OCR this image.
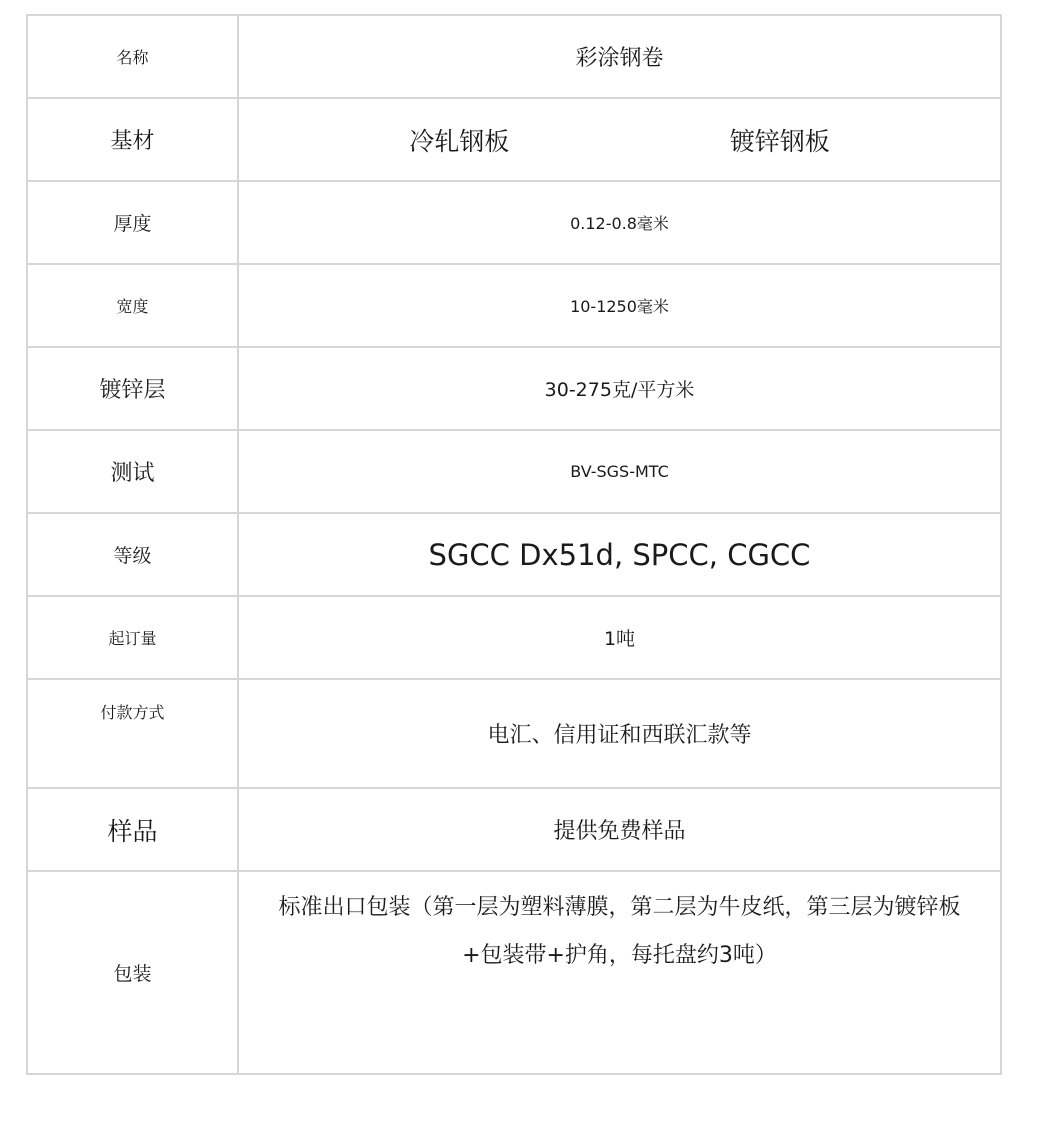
名称	彩涂钢卷
基材	冷轧钢板 镀锌钢板

厚度	0.12-0.8毫米
宽度	10-1250毫米
镀锌层	30-275克/平方米
测试	BV-SGS-MTC
等级	SGCC Dx51d, SPCC, CGCC
起订量	1吨
付款方式	电汇、信用证和西联汇款等
样品	提供免费样品
包装	标准出口包装（第一层为塑料薄膜，第二层为牛皮纸，第三层为镀锌板+包装带+护角，每托盘约3吨）
